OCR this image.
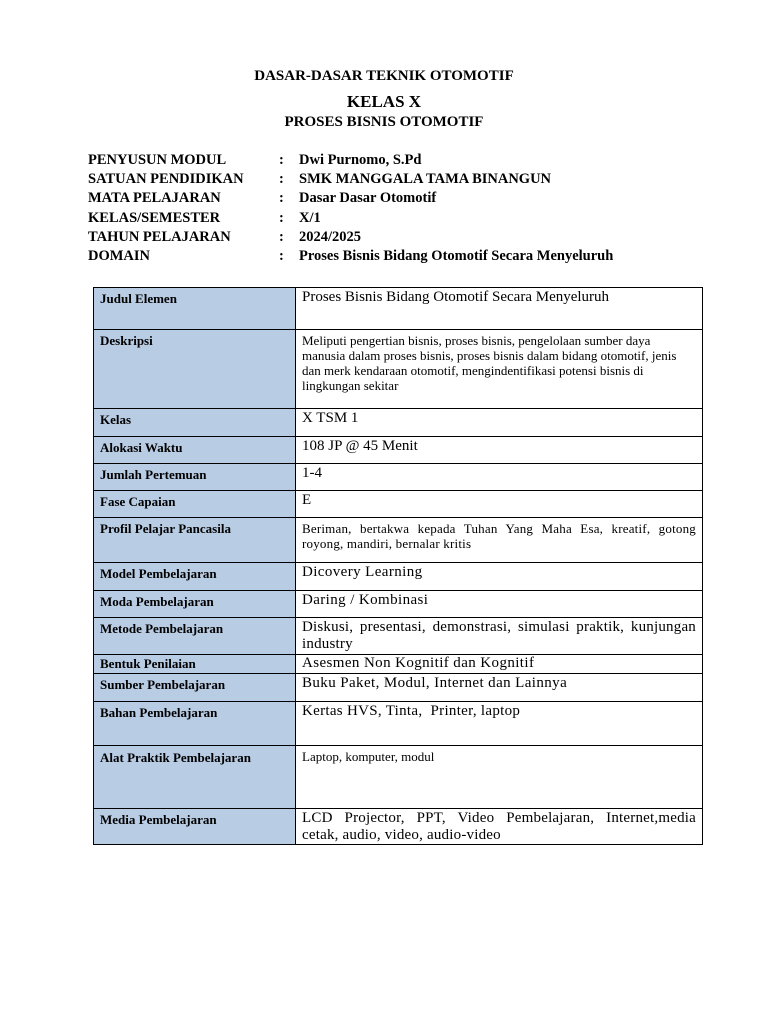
DASAR-DASAR TEKNIK OTOMOTIF
KELAS X
PROSES BISNIS OTOMOTIF
PENYUSUN MODUL	: Dwi Purnomo, S.Pd
SATUAN PENDIDIKAN : SMK MANGGALA TAMA BINANGUN
MATA PELAJARAN	: Dasar Dasar Otomotif
KELAS/SEMESTER	: X/1
TAHUN PELAJARAN	: 2024/2025
DOMAIN	: Proses Bisnis Bidang Otomotif Secara Menyeluruh
Judul Elemen	Proses Bisnis Bidang Otomotif Secara Menyeluruh
Deskripsi	Meliputi pengertian bisnis, proses bisnis, pengelolaan sumber daya manusia dalam proses bisnis, proses bisnis dalam bidang otomotif, jenis dan merk kendaraan otomotif, mengindentifikasi potensi bisnis di lingkungan sekitar
Kelas	X TSM 1
Alokasi Waktu	108 JP @ 45 Menit
Jumlah Pertemuan	1-4
Fase Capaian	E
Profil Pelajar Pancasila	Beriman, bertakwa kepada Tuhan Yang Maha Esa, kreatif, gotong royong, mandiri, bernalar kritis
Model Pembelajaran	Dicovery Learning
Moda Pembelajaran	Daring / Kombinasi
Metode Pembelajaran	Diskusi, presentasi, demonstrasi, simulasi praktik, kunjungan industry
Bentuk Penilaian	Asesmen Non Kognitif dan Kognitif
Sumber Pembelajaran	Buku Paket, Modul, Internet dan Lainnya
Bahan Pembelajaran	Kertas HVS, Tinta,  Printer, laptop
Alat Praktik Pembelajaran	Laptop, komputer, modul
Media Pembelajaran	LCD Projector, PPT, Video Pembelajaran, Internet,media cetak, audio, video, audio-video
